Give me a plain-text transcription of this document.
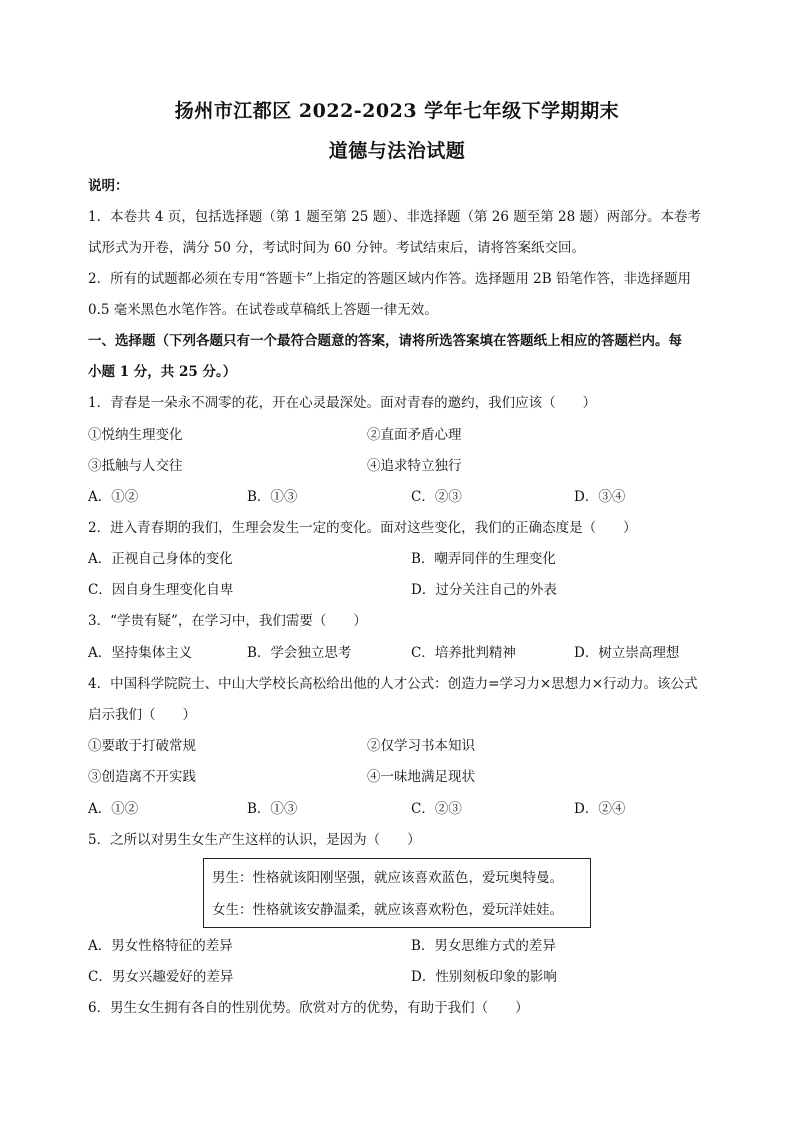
扬州市江都区 2022-2023 学年七年级下学期期末
道德与法治试题
说明：
1．本卷共 4 页，包括选择题（第 1 题至第 25 题）、非选择题（第 26 题至第 28 题）两部分。本卷考
试形式为开卷，满分 50 分，考试时间为 60 分钟。考试结束后，请将答案纸交回。
2．所有的试题都必须在专用“答题卡”上指定的答题区域内作答。选择题用 2B 铅笔作答，非选择题用
0.5 毫米黑色水笔作答。在试卷或草稿纸上答题一律无效。
一、选择题（下列各题只有一个最符合题意的答案，请将所选答案填在答题纸上相应的答题栏内。每
小题 1 分，共 25 分。）
1．青春是一朵永不凋零的花，开在心灵最深处。面对青春的邀约，我们应该（　　）
①悦纳生理变化	②直面矛盾心理
③抵触与人交往	④追求特立独行
A．①②	B．①③	C．②③	D．③④
2．进入青春期的我们，生理会发生一定的变化。面对这些变化，我们的正确态度是（　　）
A．正视自己身体的变化	B．嘲弄同伴的生理变化
C．因自身生理变化自卑	D．过分关注自己的外表
3．“学贵有疑”，在学习中，我们需要（　　）
A．坚持集体主义	B．学会独立思考	C．培养批判精神	D．树立崇高理想
4．中国科学院院士、中山大学校长高松给出他的人才公式：创造力=学习力×思想力×行动力。该公式
启示我们（　　）
①要敢于打破常规	②仅学习书本知识
③创造离不开实践	④一味地满足现状
A．①②	B．①③	C．②③	D．②④
5．之所以对男生女生产生这样的认识，是因为（　　）
男生：性格就该阳刚坚强，就应该喜欢蓝色，爱玩奥特曼。
女生：性格就该安静温柔，就应该喜欢粉色，爱玩洋娃娃。
A．男女性格特征的差异	B．男女思维方式的差异
C．男女兴趣爱好的差异	D．性别刻板印象的影响
6．男生女生拥有各自的性别优势。欣赏对方的优势，有助于我们（　　）
